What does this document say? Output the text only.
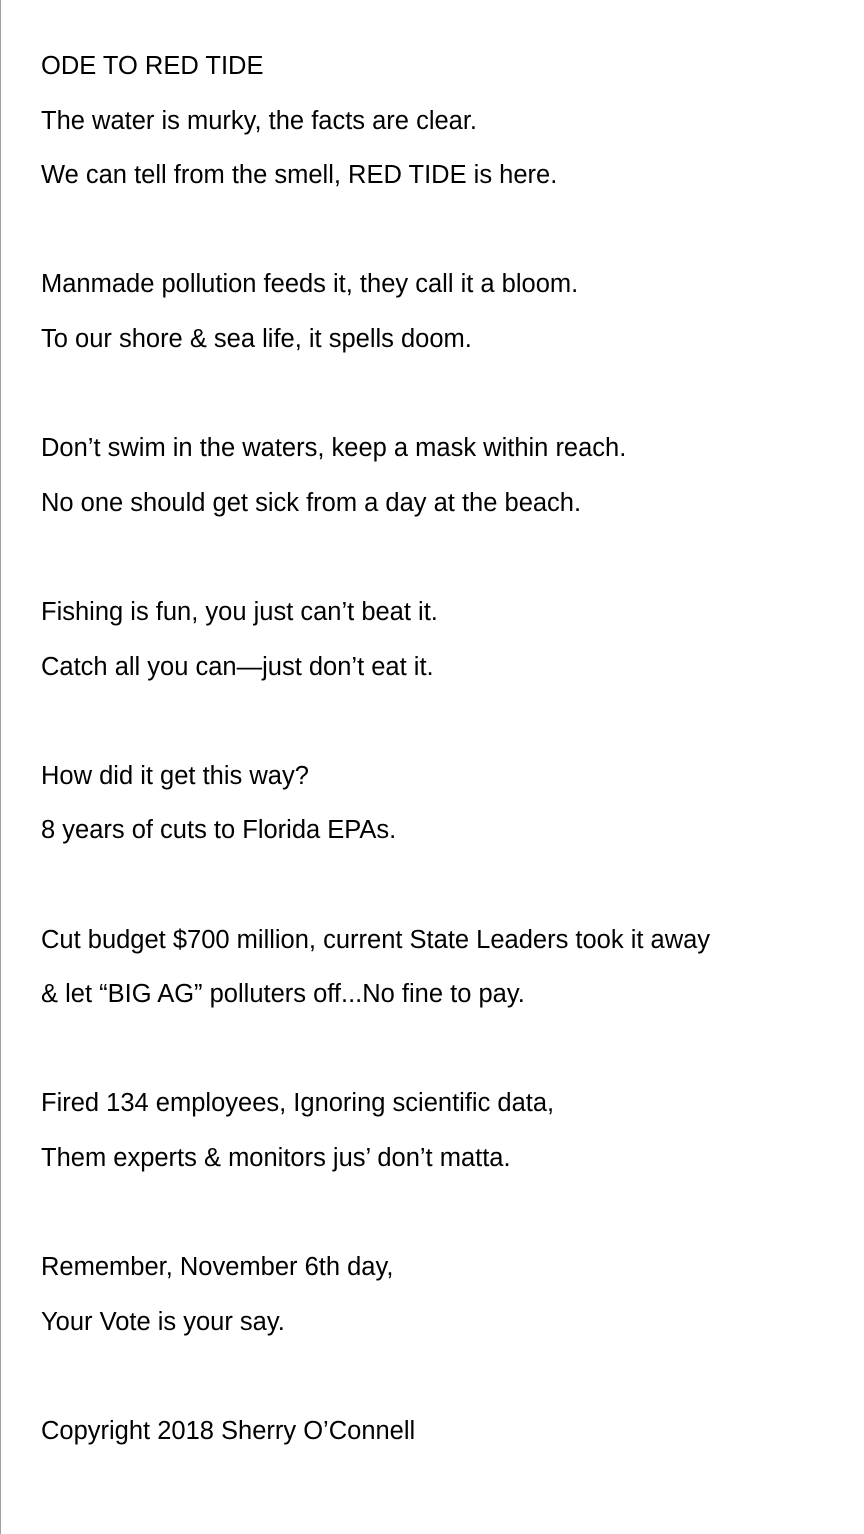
ODE TO RED TIDE
The water is murky, the facts are clear.
We can tell from the smell, RED TIDE is here.
Manmade pollution feeds it, they call it a bloom.
To our shore & sea life, it spells doom.
Don’t swim in the waters, keep a mask within reach.
No one should get sick from a day at the beach.
Fishing is fun, you just can’t beat it.
Catch all you can—just don’t eat it.
How did it get this way?
8 years of cuts to Florida EPAs.
Cut budget $700 million, current State Leaders took it away
& let “BIG AG” polluters off...No fine to pay.
Fired 134 employees, Ignoring scientific data,
Them experts & monitors jus’ don’t matta.
Remember, November 6th day,
Your Vote is your say.
Copyright 2018 Sherry O’Connell
